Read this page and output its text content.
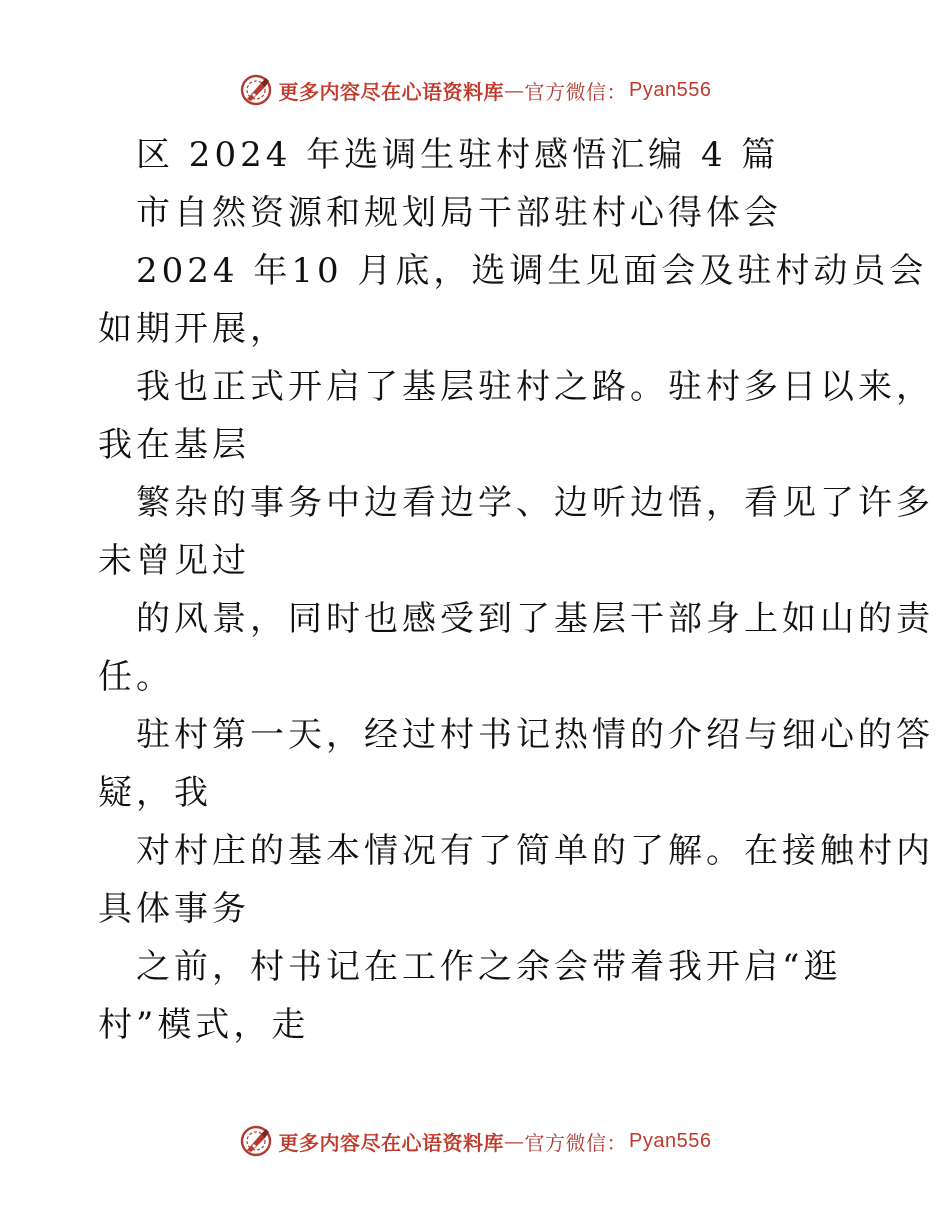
更多内容尽在心语资料库 — 官方微信： Pyan556
区 2024 年选调生驻村感悟汇编 4 篇
市自然资源和规划局干部驻村心得体会
2024 年10 月底，选调生见面会及驻村动员会
如期开展，
我也正式开启了基层驻村之路。驻村多日以来，
我在基层
繁杂的事务中边看边学、边听边悟，看见了许多
未曾见过
的风景，同时也感受到了基层干部身上如山的责
任。
驻村第一天，经过村书记热情的介绍与细心的答
疑，我
对村庄的基本情况有了简单的了解。在接触村内
具体事务
之前，村书记在工作之余会带着我开启“逛
村”模式，走
更多内容尽在心语资料库 — 官方微信： Pyan556
